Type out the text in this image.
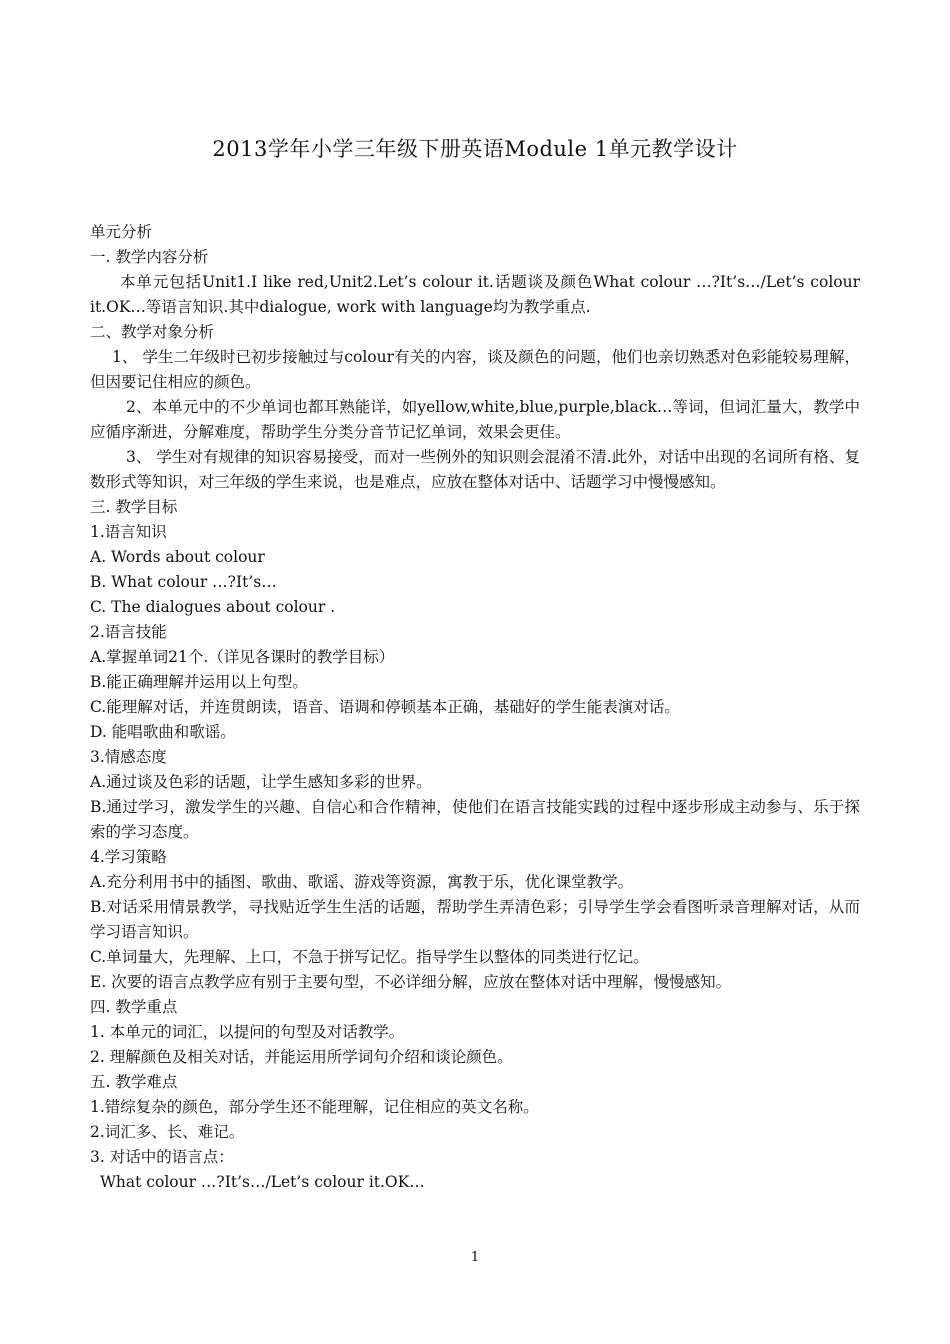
2013学年小学三年级下册英语Module 1单元教学设计
单元分析
一. 教学内容分析
本单元包括Unit1.I like red,Unit2.Let’s colour it.话题谈及颜色What colour …?It’s…/Let’s colour it.OK…等语言知识.其中dialogue, work with language均为教学重点.
二、教学对象分析
1、 学生二年级时已初步接触过与colour有关的内容，谈及颜色的问题，他们也亲切熟悉对色彩能较易理解，但因要记住相应的颜色。
2、本单元中的不少单词也都耳熟能详，如yellow,white,blue,purple,black…等词，但词汇量大，教学中应循序渐进，分解难度，帮助学生分类分音节记忆单词，效果会更佳。
3、 学生对有规律的知识容易接受，而对一些例外的知识则会混淆不清.此外，对话中出现的名词所有格、复数形式等知识，对三年级的学生来说，也是难点，应放在整体对话中、话题学习中慢慢感知。
三. 教学目标
1.语言知识
A. Words about colour
B. What colour …?It’s…
C. The dialogues about colour .
2.语言技能
A.掌握单词21个.（详见各课时的教学目标）
B.能正确理解并运用以上句型。
C.能理解对话，并连贯朗读，语音、语调和停顿基本正确，基础好的学生能表演对话。
D. 能唱歌曲和歌谣。
3.情感态度
A.通过谈及色彩的话题，让学生感知多彩的世界。
B.通过学习，激发学生的兴趣、自信心和合作精神，使他们在语言技能实践的过程中逐步形成主动参与、乐于探索的学习态度。
4.学习策略
A.充分利用书中的插图、歌曲、歌谣、游戏等资源，寓教于乐，优化课堂教学。
B.对话采用情景教学，寻找贴近学生生活的话题，帮助学生弄清色彩；引导学生学会看图听录音理解对话，从而学习语言知识。
C.单词量大，先理解、上口，不急于拼写记忆。指导学生以整体的同类进行忆记。
E. 次要的语言点教学应有别于主要句型，不必详细分解，应放在整体对话中理解，慢慢感知。
四. 教学重点
1. 本单元的词汇，以提问的句型及对话教学。
2. 理解颜色及相关对话，并能运用所学词句介绍和谈论颜色。
五. 教学难点
1.错综复杂的颜色，部分学生还不能理解，记住相应的英文名称。
2.词汇多、长、难记。
3. 对话中的语言点：
What colour …?It’s…/Let’s colour it.OK…
1
